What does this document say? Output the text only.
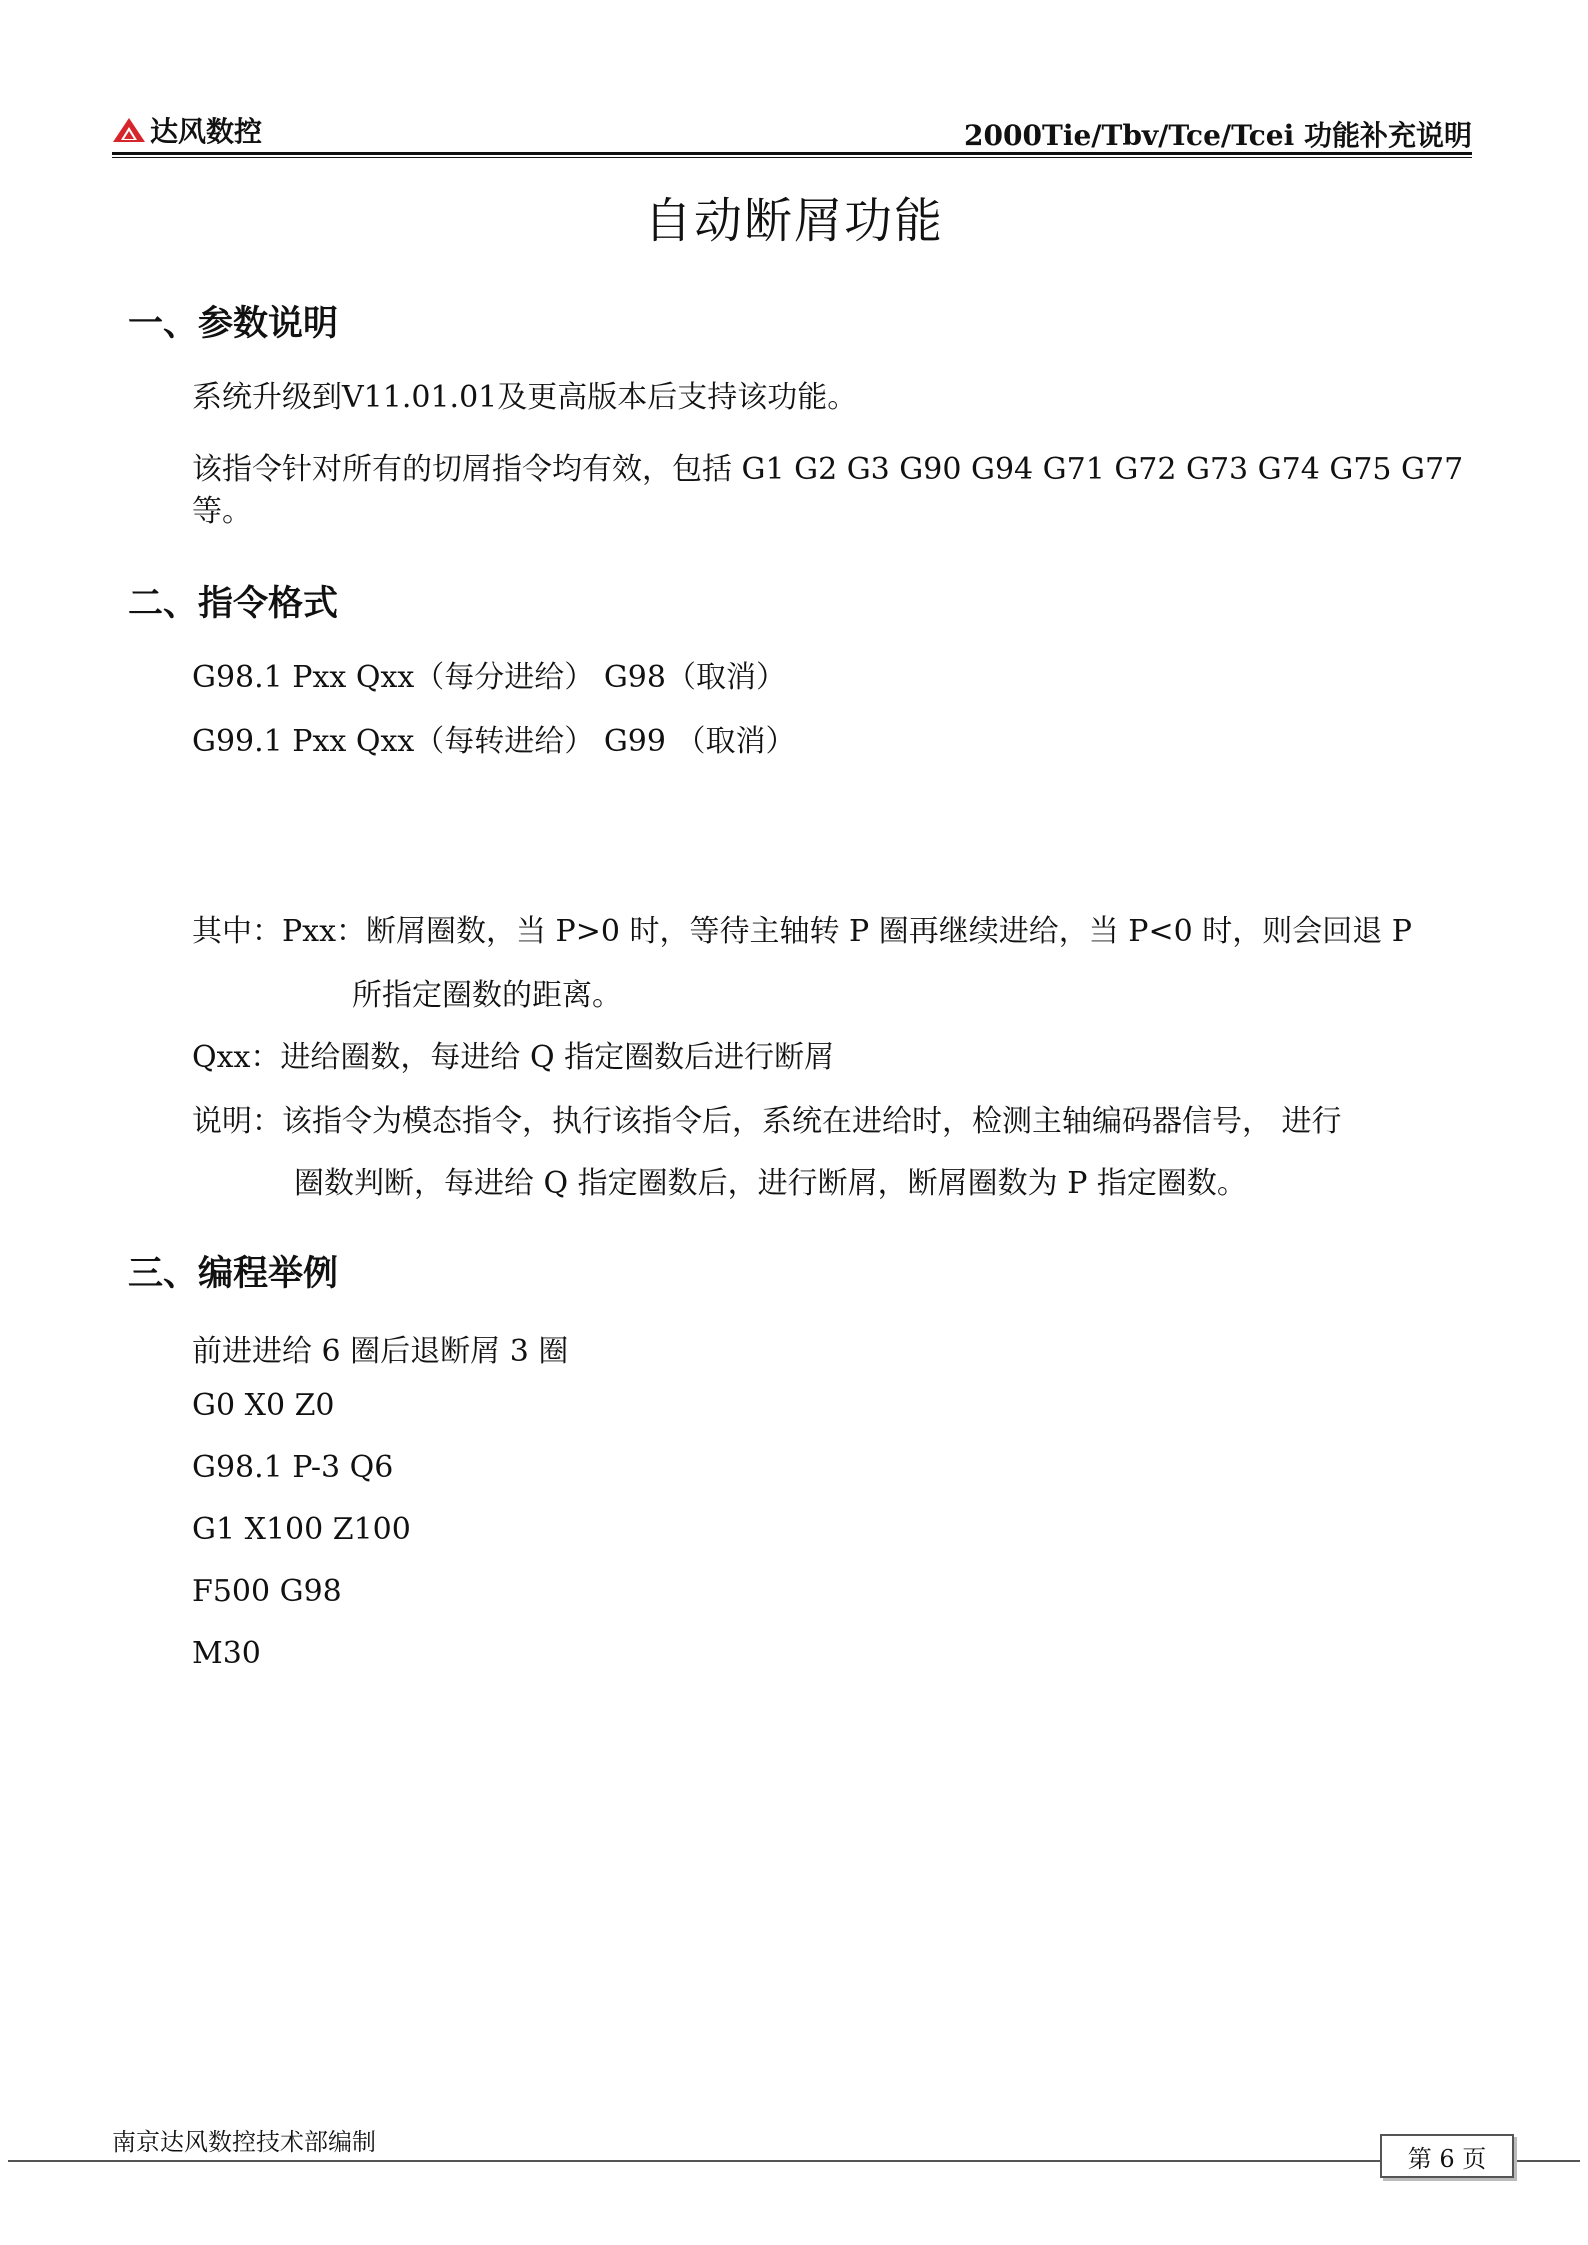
达风数控	2000Tie/Tbv/Tce/Tcei 功能补充说明
自动断屑功能
一、参数说明
系统升级到V11.01.01及更高版本后支持该功能。
该指令针对所有的切屑指令均有效，包括 G1 G2 G3 G90 G94 G71 G72 G73 G74 G75 G77
等。
二、指令格式
G98.1 Pxx Qxx（每分进给） G98（取消）
G99.1 Pxx Qxx（每转进给） G99 （取消）
其中：Pxx：断屑圈数，当 P>0 时，等待主轴转 P 圈再继续进给，当 P<0 时，则会回退 P
所指定圈数的距离。
Qxx：进给圈数，每进给 Q 指定圈数后进行断屑
说明：该指令为模态指令，执行该指令后，系统在进给时，检测主轴编码器信号， 进行
圈数判断，每进给 Q 指定圈数后，进行断屑，断屑圈数为 P 指定圈数。
三、编程举例
前进进给 6 圈后退断屑 3 圈
G0 X0 Z0
G98.1 P-3 Q6
G1 X100 Z100
F500 G98
M30
南京达风数控技术部编制
第 6 页
